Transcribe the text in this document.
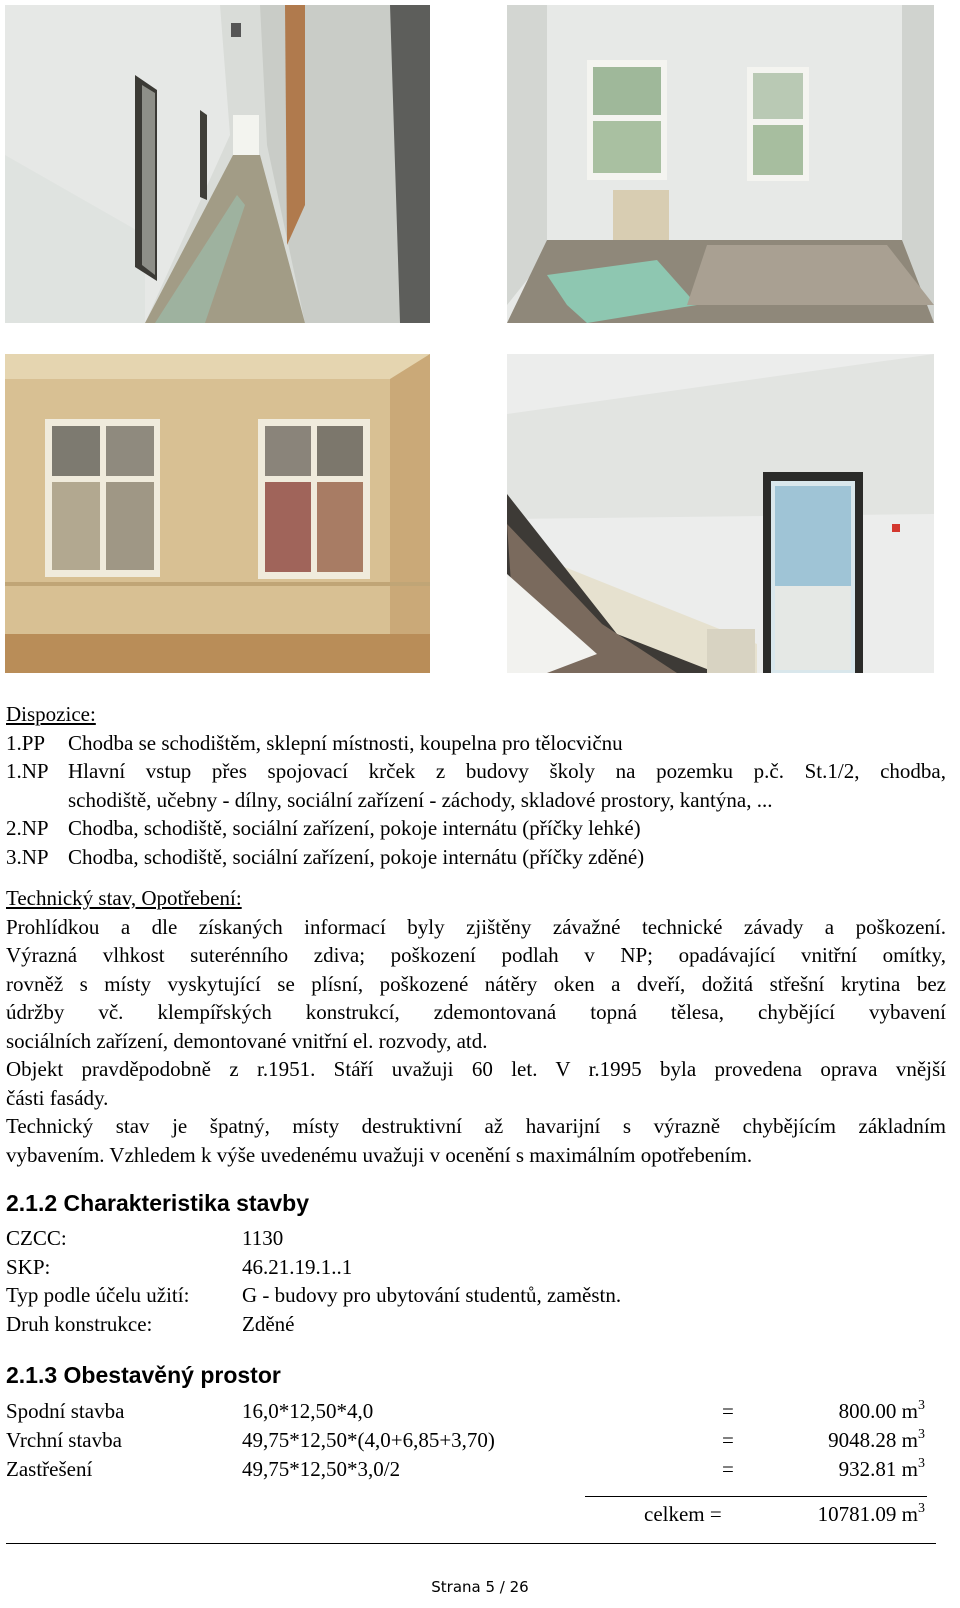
Dispozice:
1.PP	Chodba se schodištěm, sklepní místnosti, koupelna pro tělocvičnu
1.NP Hlavní vstup přes spojovací krček z budovy školy na pozemku p.č. St.1/2, chodba,
schodiště, učebny - dílny, sociální zařízení - záchody, skladové prostory, kantýna, ...
2.NP Chodba, schodiště, sociální zařízení, pokoje internátu (příčky lehké)
3.NP Chodba, schodiště, sociální zařízení, pokoje internátu (příčky zděné)
Technický stav, Opotřebení:
Prohlídkou a dle získaných informací byly zjištěny závažné technické závady a poškození.
Výrazná vlhkost suterénního zdiva; poškození podlah v NP; opadávající vnitřní omítky,
rovněž s místy vyskytující se plísní, poškozené nátěry oken a dveří, dožitá střešní krytina bez
údržby vč. klempířských konstrukcí, zdemontovaná topná tělesa, chybějící vybavení
sociálních zařízení, demontované vnitřní el. rozvody, atd.
Objekt pravděpodobně z r.1951. Stáří uvažuji 60 let. V r.1995 byla provedena oprava vnější
části fasády.
Technický stav je špatný, místy destruktivní až havarijní s výrazně chybějícím základním
vybavením. Vzhledem k výše uvedenému uvažuji v ocenění s maximálním opotřebením.
2.1.2 Charakteristika stavby
CZCC:	1130
SKP:	46.21.19.1..1
Typ podle účelu užití:	G - budovy pro ubytování studentů, zaměstn.
Druh konstrukce:	Zděné
2.1.3 Obestavěný prostor
Spodní stavba	16,0*12,50*4,0	=	800.00 m $^3$
Vrchní stavba	49,75*12,50*(4,0+6,85+3,70)	=	9048.28 m $^3$
Zastřešení	49,75*12,50*3,0/2	=	932.81 m $^3$
celkem =	10781.09 m $^3$
Strana 5 / 26
